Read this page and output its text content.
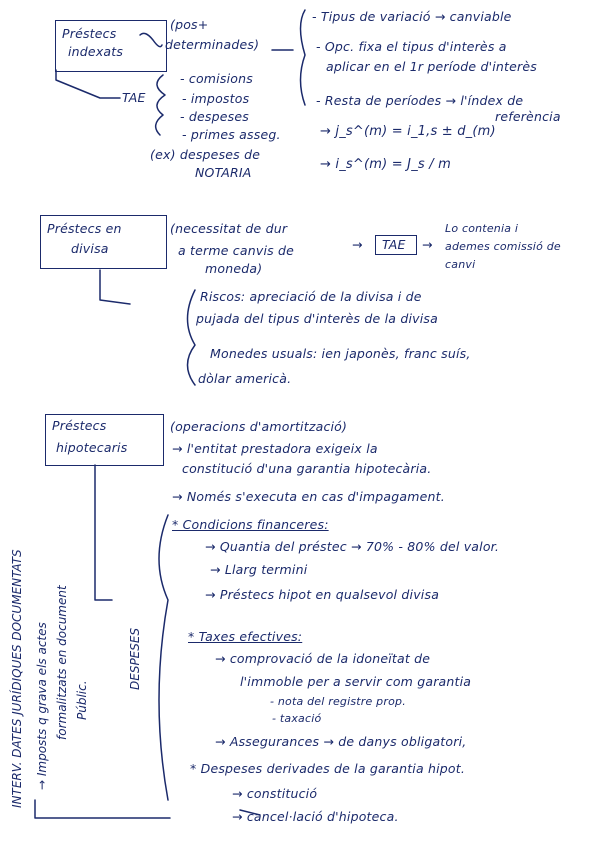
Préstecs
indexats
(pos+
determinades)
- Tipus de variació → canviable
- Opc. fixa el tipus d'interès a
aplicar en el 1r període d'interès
- Resta de períodes → l'índex de
referència
TAE
- comisions
- impostos
- despeses
- primes asseg.
(ex) despeses de
NOTARIA
→ j_s^(m) = i_1,s ± d_(m)
→ i_s^(m) = J_s / m
Préstecs en
divisa
(necessitat de dur
a terme canvis de
moneda)
→	TAE	→
Lo contenia i
ademes comissió de
canvi
Riscos: apreciació de la divisa i de
pujada del tipus d'interès de la divisa
Monedes usuals: ien japonès, franc suís,
dòlar americà.
Préstecs
hipotecaris
(operacions d'amortització)
→ l'entitat prestadora exigeix la
constitució d'una garantia hipotecària.
→ Només s'executa en cas d'impagament.
DESPESES
INTERV. DATES JURÍDIQUES DOCUMENTATS → Imposts q grava els actes formalitzats en document Públic.
* Condicions financeres:
→ Quantia del préstec → 70% - 80% del valor.
→ Llarg termini
→ Préstecs hipot en qualsevol divisa
* Taxes efectives:
→ comprovació de la idoneïtat de
l'immoble per a servir com garantia
- nota del registre prop.
- taxació
→ Assegurances → de danys obligatori,
* Despeses derivades de la garantia hipot.
→ constitució
→ cancel·lació d'hipoteca.
